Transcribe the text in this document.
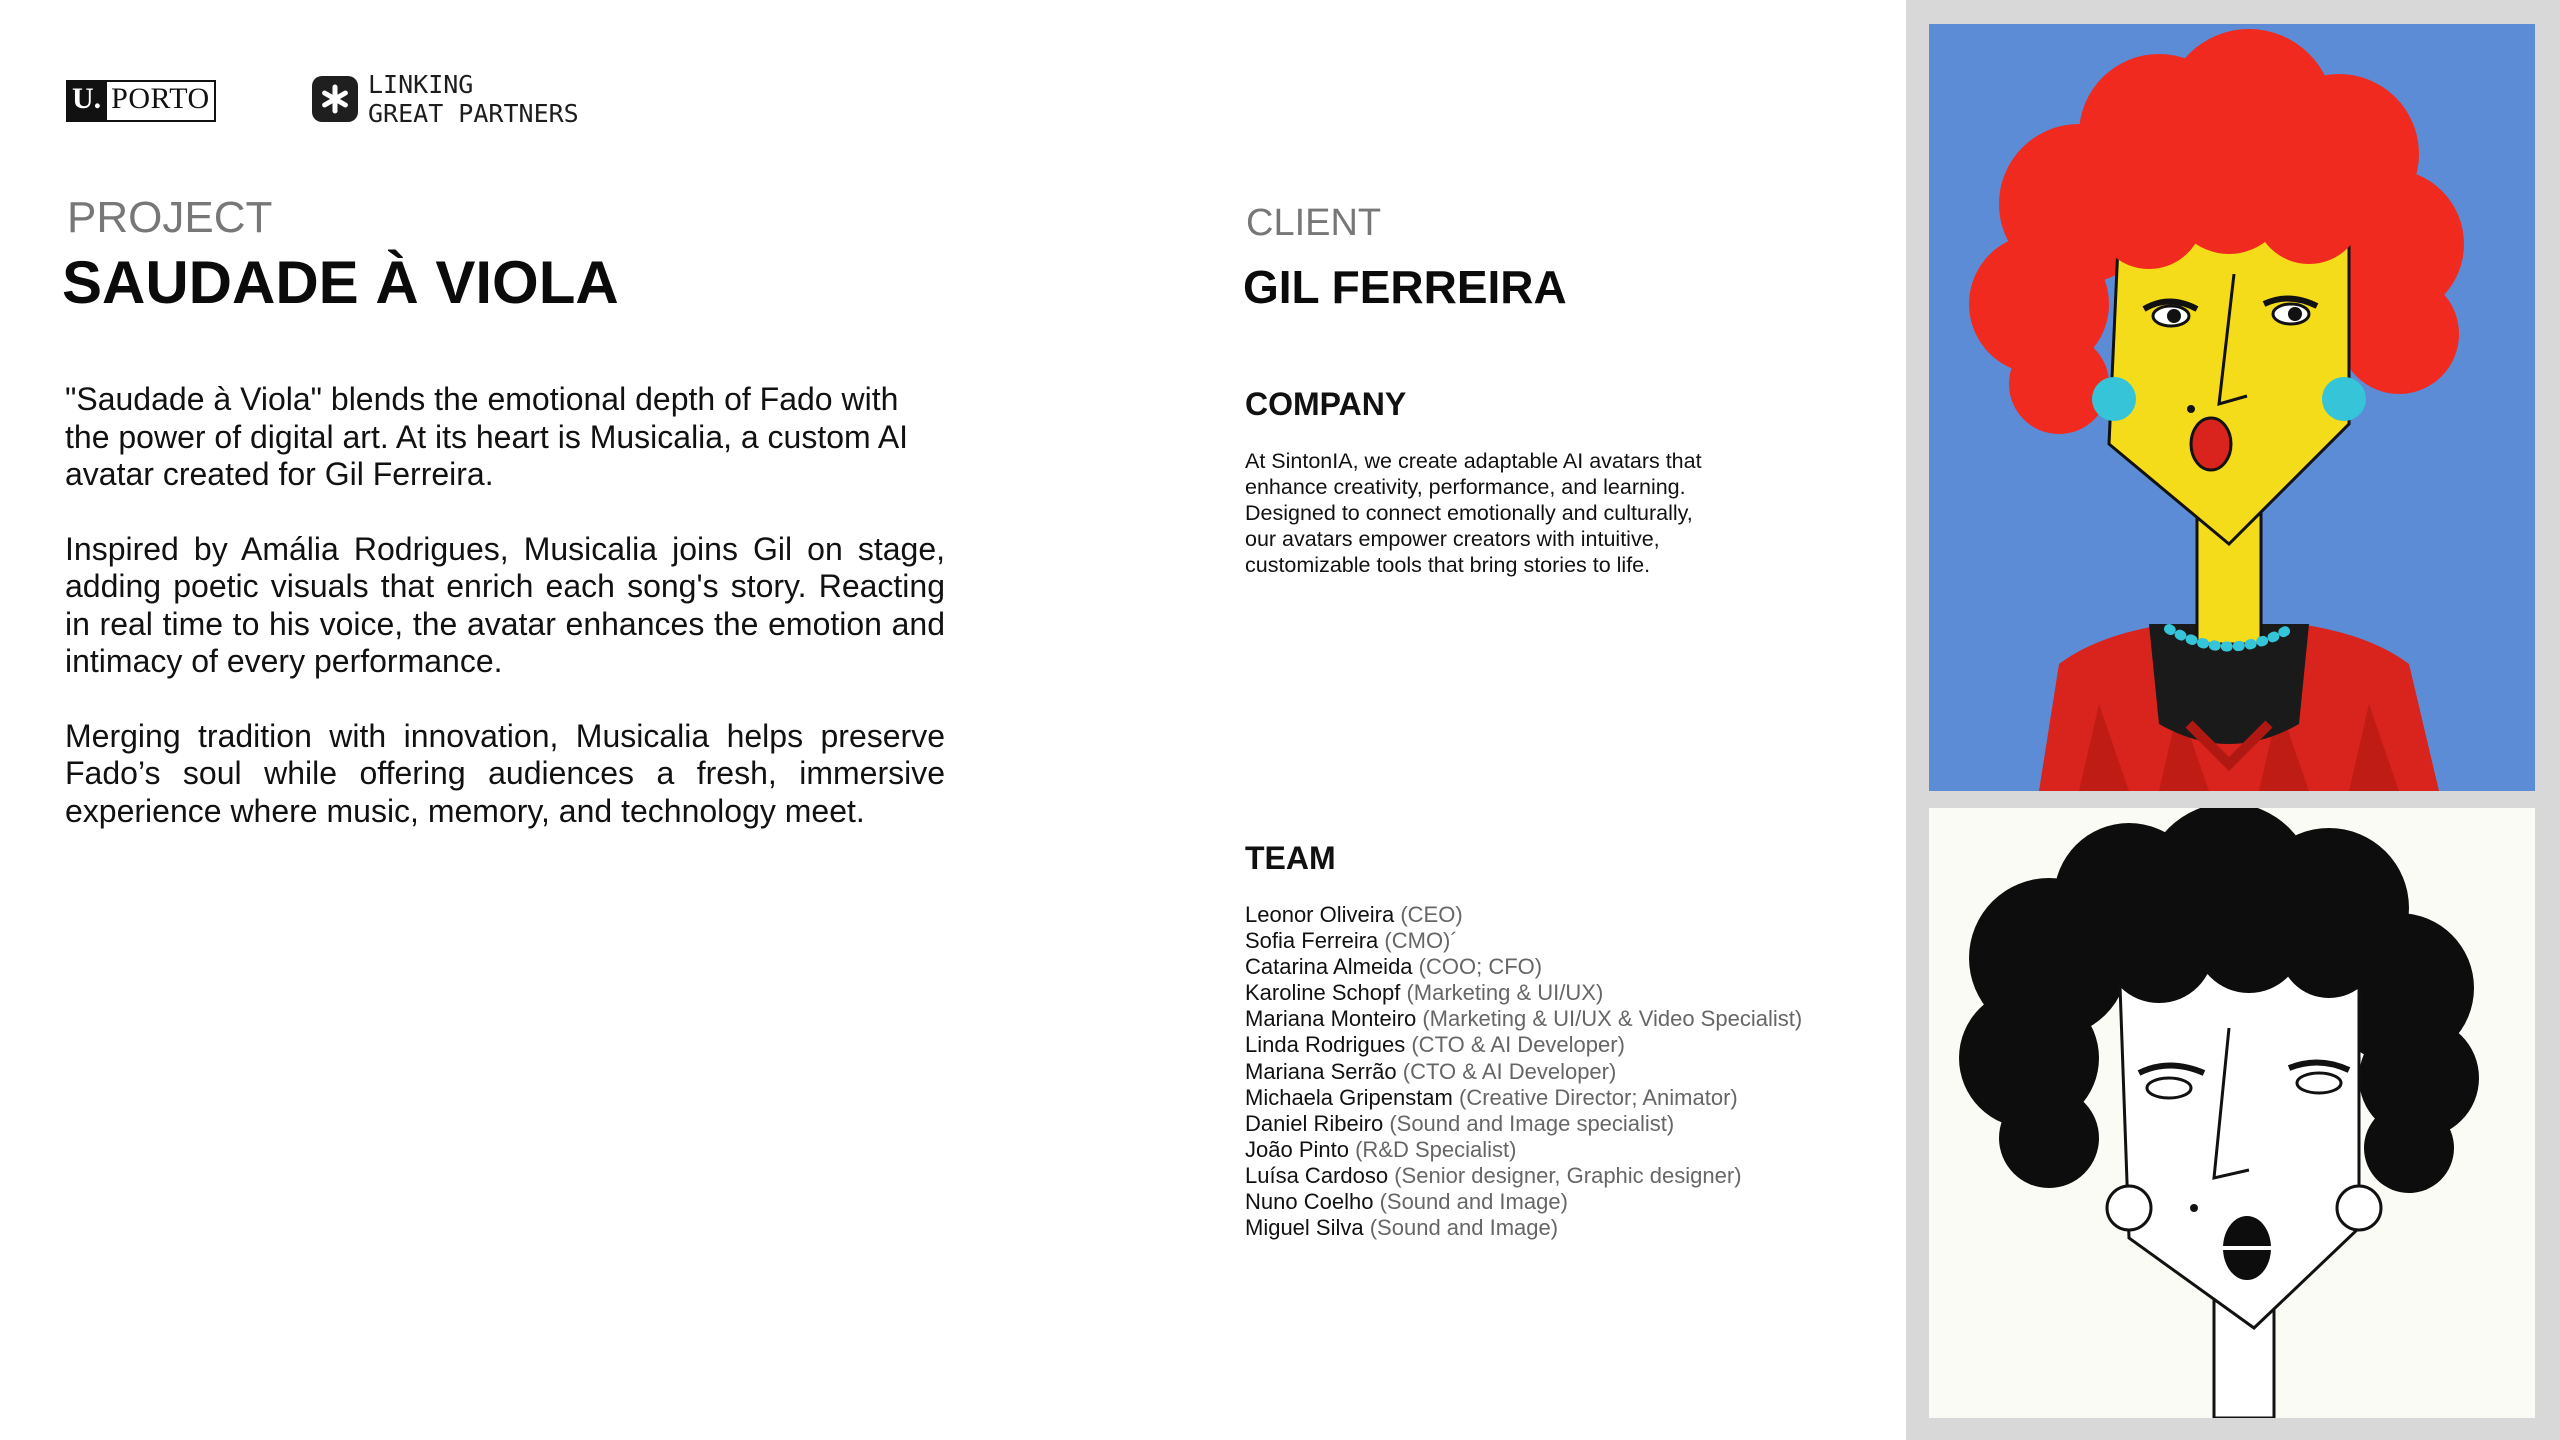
U. PORTO	LINKING
GREAT PARTNERS
PROJECT
SAUDADE À VIOLA

"Saudade à Viola" blends the emotional depth of Fado with the power of digital art. At its heart is Musicalia, a custom AI avatar created for Gil Ferreira.

Inspired by Amália Rodrigues, Musicalia joins Gil on stage, adding poetic visuals that enrich each song's story. Reacting in real time to his voice, the avatar enhances the emotion and intimacy of every performance.

Merging tradition with innovation, Musicalia helps preserve Fado’s soul while offering audiences a fresh, immersive experience where music, memory, and technology meet.

CLIENT
GIL FERREIRA
COMPANY
At SintonIA, we create adaptable AI avatars that enhance creativity, performance, and learning. Designed to connect emotionally and culturally, our avatars empower creators with intuitive, customizable tools that bring stories to life.
TEAM
Leonor Oliveira (CEO)
Sofia Ferreira (CMO)´
Catarina Almeida (COO; CFO)
Karoline Schopf (Marketing & UI/UX)
Mariana Monteiro (Marketing & UI/UX & Video Specialist)
Linda Rodrigues (CTO & AI Developer)
Mariana Serrão (CTO & AI Developer)
Michaela Gripenstam (Creative Director; Animator)
Daniel Ribeiro (Sound and Image specialist)
João Pinto (R&D Specialist)
Luísa Cardoso (Senior designer, Graphic designer)
Nuno Coelho (Sound and Image)
Miguel Silva (Sound and Image)
